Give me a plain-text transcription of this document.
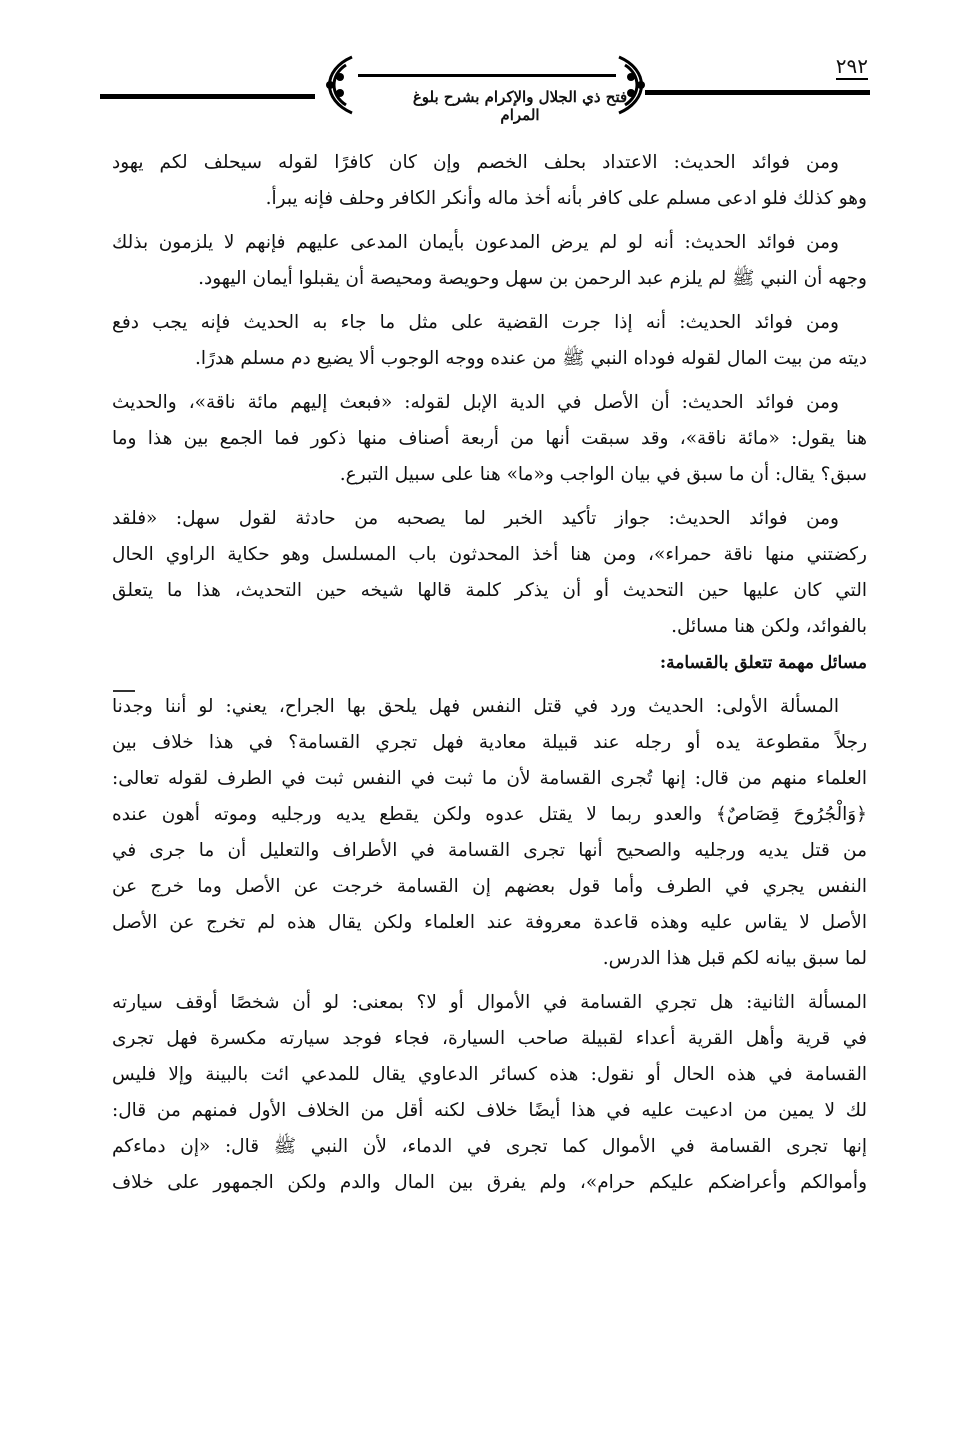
٢٩٢
فتح ذي الجلال والإكرام بشرح بلوغ المرام
ومن فوائد الحديث: الاعتداد بحلف الخصم وإن كان كافرًا لقوله سيحلف لكم يهود
وهو كذلك فلو ادعى مسلم على كافر بأنه أخذ ماله وأنكر الكافر وحلف فإنه يبرأ.
ومن فوائد الحديث: أنه لو لم يرض المدعون بأيمان المدعى عليهم فإنهم لا يلزمون بذلك
وجهه أن النبي ﷺ لم يلزم عبد الرحمن بن سهل وحويصة ومحيصة أن يقبلوا أيمان اليهود.
ومن فوائد الحديث: أنه إذا جرت القضية على مثل ما جاء به الحديث فإنه يجب دفع
ديته من بيت المال لقوله فوداه النبي ﷺ من عنده ووجه الوجوب ألا يضيع دم مسلم هدرًا.
ومن فوائد الحديث: أن الأصل في الدية الإبل لقوله: «فبعث إليهم مائة ناقة»، والحديث
هنا يقول: «مائة ناقة»، وقد سبقت أنها من أربعة أصناف منها ذكور فما الجمع بين هذا وما
سبق؟ يقال: أن ما سبق في بيان الواجب و«ما» هنا على سبيل التبرع.
ومن فوائد الحديث: جواز تأكيد الخبر لما يصحبه من حادثة لقول سهل: «فلقد
ركضتني منها ناقة حمراء»، ومن هنا أخذ المحدثون باب المسلسل وهو حكاية الراوي الحال
التي كان عليها حين التحديث أو أن يذكر كلمة قالها شيخه حين التحديث، هذا ما يتعلق
بالفوائد، ولكن هنا مسائل.
مسائل مهمة تتعلق بالقسامة:
المسألة الأولى: الحديث ورد في قتل النفس فهل يلحق بها الجراح، يعني: لو أننا وجدنا
رجلاً مقطوعة يده أو رجله عند قبيلة معادية فهل تجري القسامة؟ في هذا خلاف بين
العلماء منهم من قال: إنها تُجرى القسامة لأن ما ثبت في النفس ثبت في الطرف لقوله تعالى:
﴿وَالْجُرُوحَ قِصَاصٌ﴾ والعدو ربما لا يقتل عدوه ولكن يقطع يديه ورجليه وموته أهون عنده
من قتل يديه ورجليه والصحيح أنها تجرى القسامة في الأطراف والتعليل أن ما جرى في
النفس يجري في الطرف وأما قول بعضهم إن القسامة خرجت عن الأصل وما خرج عن
الأصل لا يقاس عليه وهذه قاعدة معروفة عند العلماء ولكن يقال هذه لم تخرج عن الأصل
لما سبق بيانه لكم قبل هذا الدرس.
المسألة الثانية: هل تجري القسامة في الأموال أو لا؟ بمعنى: لو أن شخصًا أوقف سيارته
في قرية وأهل القرية أعداء لقبيلة صاحب السيارة، فجاء فوجد سيارته مكسرة فهل تجرى
القسامة في هذه الحال أو نقول: هذه كسائر الدعاوي يقال للمدعي ائت بالبينة وإلا فليس
لك لا يمين من ادعيت عليه في هذا أيضًا خلاف لكنه أقل من الخلاف الأول فمنهم من قال:
إنها تجرى القسامة في الأموال كما تجرى في الدماء، لأن النبي ﷺ قال: «إن دماءكم
وأموالكم وأعراضكم عليكم حرام»، ولم يفرق بين المال والدم ولكن الجمهور على خلاف
